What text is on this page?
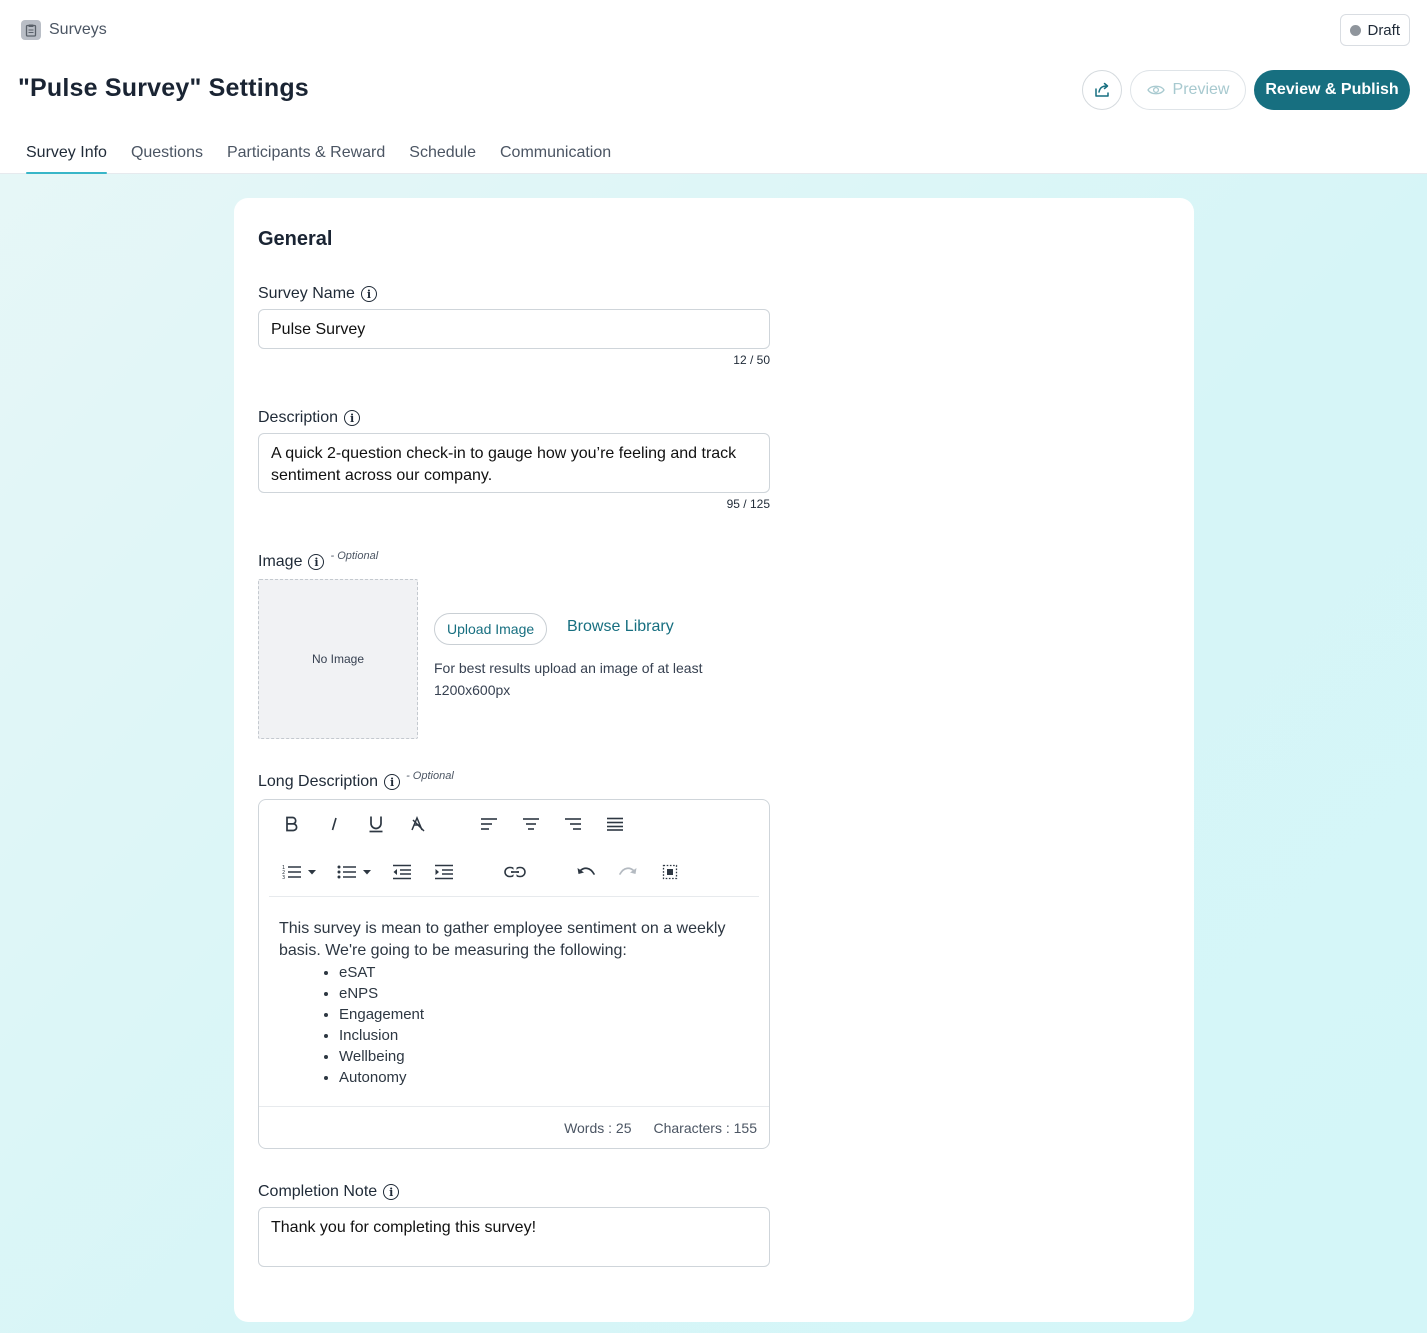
Surveys	Draft
"Pulse Survey" Settings	Preview	Review & Publish
Survey Info Questions Participants & Reward Schedule Communication
General
Survey Name	i
Pulse Survey
12 / 50
Description	i
A quick 2-question check-in to gauge how you’re feeling and track sentiment across our company.
95 / 125
Image	i	- Optional
No Image
Upload Image	Browse Library
For best results upload an image of at least 1200x600px
Long Description	i	- Optional
1
2
3
This survey is mean to gather employee sentiment on a weekly basis. We're going to be measuring the following:
• eSAT
• eNPS
• Engagement
• Inclusion
• Wellbeing
• Autonomy
Words : 25 Characters : 155
Completion Note	i
Thank you for completing this survey!
